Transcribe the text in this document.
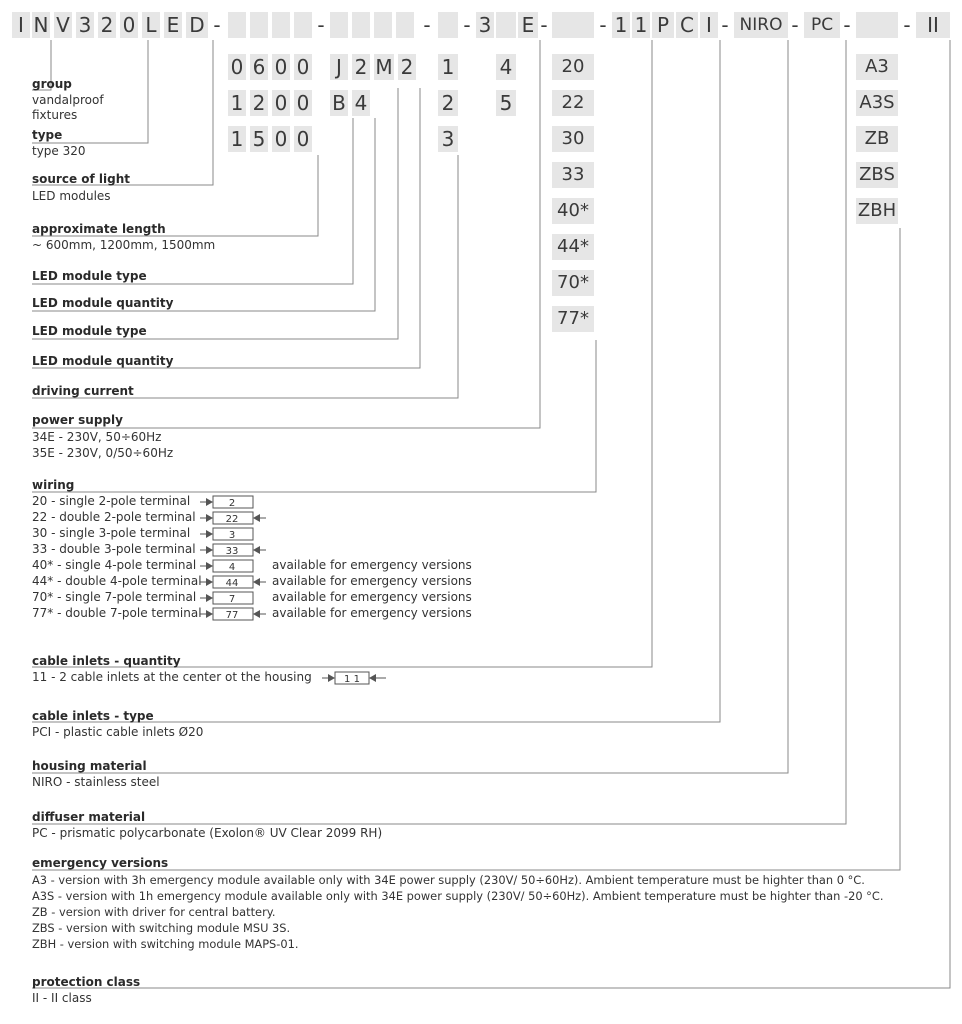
I N V 3 2 0 L E D -	-	- - 3 E -	- 1 1 P C I - NIRO - PC -	- II
0 6 0 0
1 2 0 0
1 5 0 0
J 2 M 2
B 4
1
2
3
4
5
20
22
30
33
40*
44*
70*
77*
A3
A3S
ZB
ZBS
ZBH
group
vandalproof
fixtures
type
type 320
source of light
LED modules
approximate length
~ 600mm, 1200mm, 1500mm
LED module type
LED module quantity
LED module type
LED module quantity
driving current
power supply
34E - 230V, 50÷60Hz
35E - 230V, 0/50÷60Hz
wiring
20 - single 2-pole terminal	2
22 - double 2-pole terminal	22
30 - single 3-pole terminal	3
33 - double 3-pole terminal	33
40* - single 4-pole terminal	4	available for emergency versions
44* - double 4-pole terminal 44	available for emergency versions
70* - single 7-pole terminal	7	available for emergency versions
77* - double 7-pole terminal 77	available for emergency versions
cable inlets - quantity
11 - 2 cable inlets at the center ot the housing	1 1
cable inlets - type
PCI - plastic cable inlets Ø20
housing material
NIRO - stainless steel
diffuser material
PC - prismatic polycarbonate (Exolon® UV Clear 2099 RH)
emergency versions
A3 - version with 3h emergency module available only with 34E power supply (230V/ 50÷60Hz). Ambient temperature must be highter than 0 °C.
A3S - version with 1h emergency module available only with 34E power supply (230V/ 50÷60Hz). Ambient temperature must be highter than -20 °C.
ZB - version with driver for central battery.
ZBS - version with switching module MSU 3S.
ZBH - version with switching module MAPS-01.
protection class
II - II class
